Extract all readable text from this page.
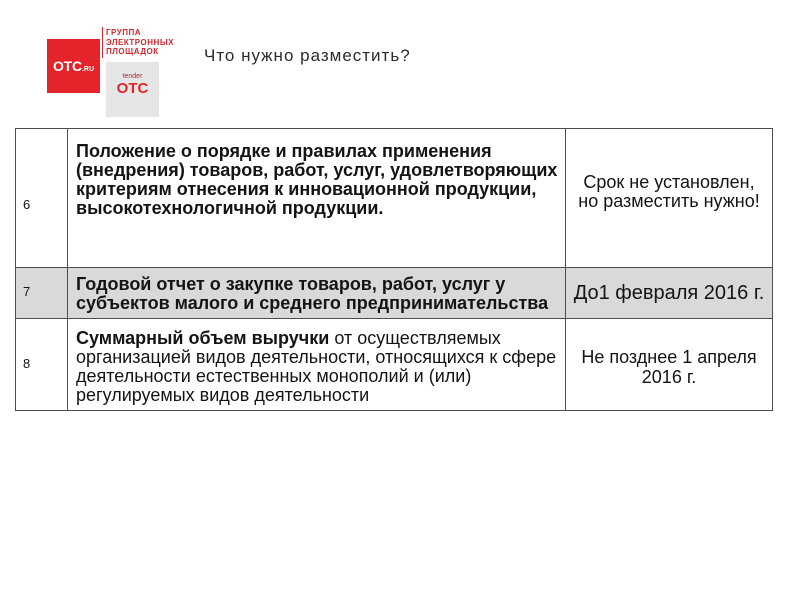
OTC .RU
ГРУППА
ЭЛЕКТРОННЫХ
ПЛОЩАДОК
tender
OTC
Что нужно разместить?
6
Положение о порядке и правилах применения (внедрения) товаров, работ, услуг, удовлетворяющих критериям отнесения к инновационной продукции, высокотехнологичной продукции.
Срок не установлен,
но разместить нужно!
7	Годовой отчет о закупке товаров, работ, услуг у субъектов малого и среднего предпринимательства	До1 февраля 2016 г.
8
Суммарный объем выручки от осуществляемых организацией видов деятельности, относящихся к сфере деятельности естественных монополий и (или) регулируемых видов деятельности
Не позднее 1 апреля
2016 г.
